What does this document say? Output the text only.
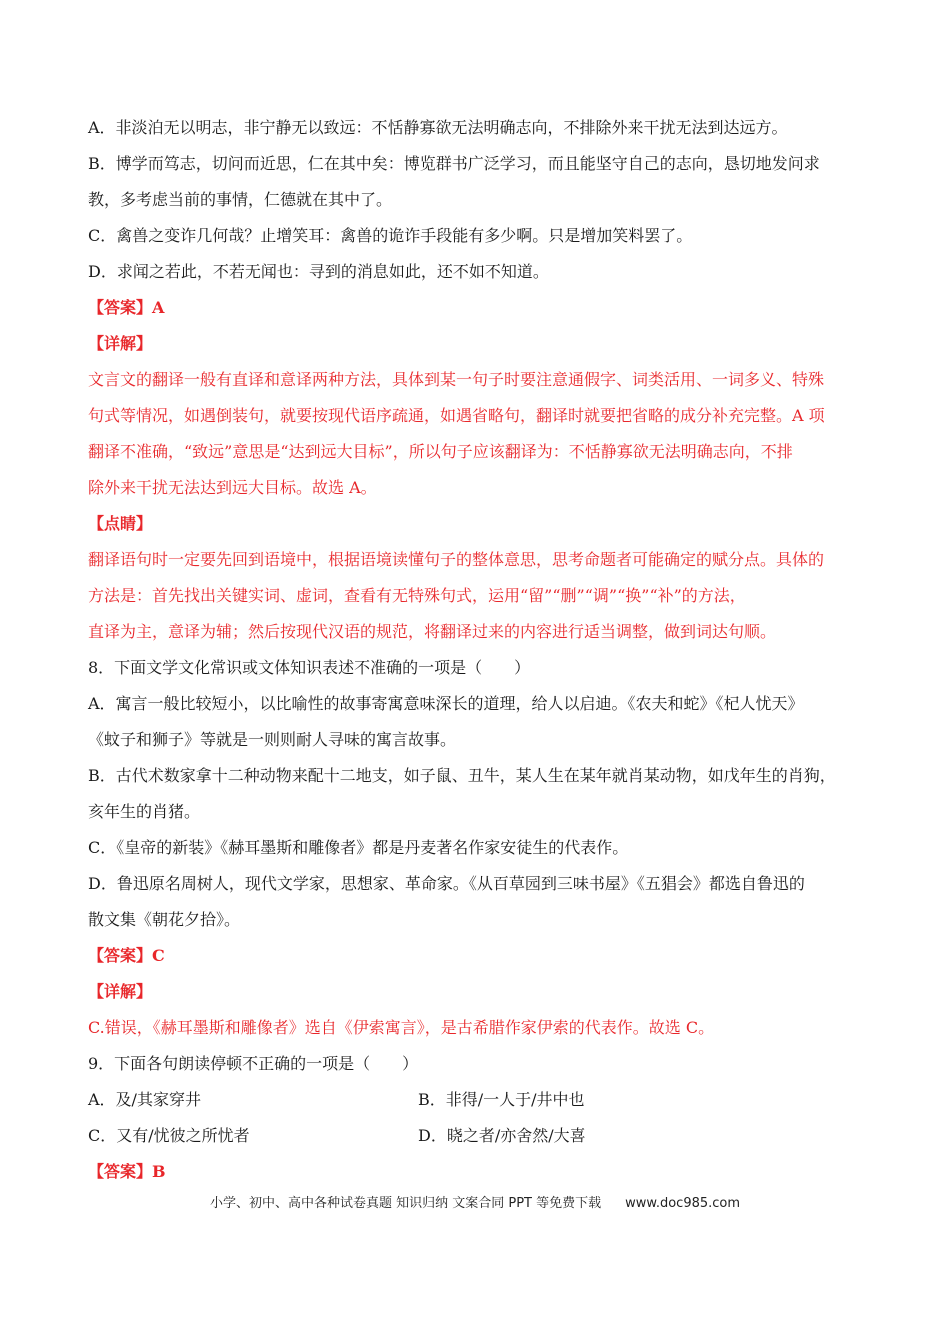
A．非淡泊无以明志，非宁静无以致远：不恬静寡欲无法明确志向，不排除外来干扰无法到达远方。

B．博学而笃志，切问而近思，仁在其中矣：博览群书广泛学习，而且能坚守自己的志向，恳切地发问求

教，多考虑当前的事情，仁德就在其中了。

C．禽兽之变诈几何哉？止增笑耳：禽兽的诡诈手段能有多少啊。只是增加笑料罢了。

D．求闻之若此，不若无闻也：寻到的消息如此，还不如不知道。

【答案】A

【详解】

文言文的翻译一般有直译和意译两种方法，具体到某一句子时要注意通假字、词类活用、一词多义、特殊

句式等情况，如遇倒装句，就要按现代语序疏通，如遇省略句，翻译时就要把省略的成分补充完整。A 项

翻译不准确，“致远”意思是“达到远大目标”，所以句子应该翻译为：不恬静寡欲无法明确志向，不排

除外来干扰无法达到远大目标。故选 A。

【点睛】

翻译语句时一定要先回到语境中，根据语境读懂句子的整体意思，思考命题者可能确定的赋分点。具体的

方法是：首先找出关键实词、虚词，查看有无特殊句式，运用“留”“删”“调”“换”“补”的方法，

直译为主，意译为辅；然后按现代汉语的规范，将翻译过来的内容进行适当调整，做到词达句顺。

8．下面文学文化常识或文体知识表述不准确的一项是（　　）

A．寓言一般比较短小，以比喻性的故事寄寓意味深长的道理，给人以启迪。《农夫和蛇》《杞人忧天》

《蚊子和狮子》等就是一则则耐人寻味的寓言故事。

B．古代术数家拿十二种动物来配十二地支，如子鼠、丑牛，某人生在某年就肖某动物，如戊年生的肖狗，

亥年生的肖猪。

C．《皇帝的新装》《赫耳墨斯和雕像者》都是丹麦著名作家安徒生的代表作。

D．鲁迅原名周树人，现代文学家，思想家、革命家。《从百草园到三味书屋》《五猖会》都选自鲁迅的

散文集《朝花夕拾》。

【答案】C

【详解】

C.错误，《赫耳墨斯和雕像者》选自《伊索寓言》，是古希腊作家伊索的代表作。故选 C。

9．下面各句朗读停顿不正确的一项是（　　）

A．及/其家穿井	B．非得/一人于/井中也

C．又有/忧彼之所忧者	D．晓之者/亦舍然/大喜

【答案】B

小学、初中、高中各种试卷真题 知识归纳 文案合同 PPT 等免费下载 www.doc985.com
